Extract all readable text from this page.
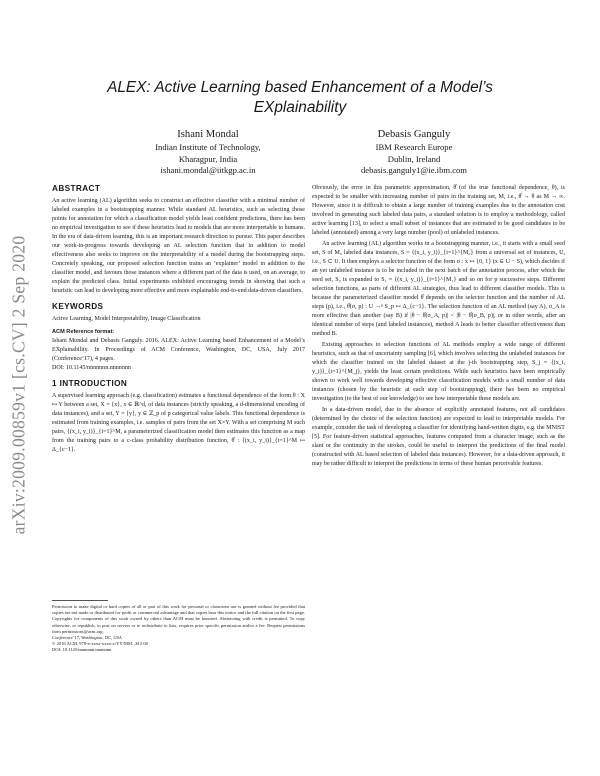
arXiv:2009.00859v1 [cs.CV] 2 Sep 2020
ALEX: Active Learning based Enhancement of a Model’s
EXplainability
Ishani Mondal
Indian Institute of Technology,
Kharagpur, India
ishani.mondal@iitkgp.ac.in
Debasis Ganguly
IBM Research Europe
Dublin, Ireland
debasis.ganguly1@ie.ibm.com
ABSTRACT

An active learning (AL) algorithm seeks to construct an effective classifier with a minimal number of labeled examples in a bootstrapping manner. While standard AL heuristics, such as selecting those points for annotation for which a classification model yields least confident predictions, there has been no empirical investigation to see if these heuristics lead to models that are more interpretable to humans. In the era of data-driven learning, this is an important research direction to pursue. This paper describes our work-in-progress towards developing an AL selection function that in addition to model effectiveness also seeks to improve on the interpretability of a model during the bootstrapping steps. Concretely speaking, our proposed selection function trains an ‘explainer’ model in addition to the classifier model, and favours those instances where a different part of the data is used, on an average, to explain the predicted class. Initial experiments exhibited encouraging trends in showing that such a heuristic can lead to developing more effective and more explainable end-to-end data-driven classifiers.

KEYWORDS

Active Learning, Model Interpretability, Image Classification

ACM Reference format:

Ishani Mondal and Debasis Ganguly. 2016. ALEX: Active Learning based Enhancement of a Model’s EXplainability. In Proceedings of ACM Conference, Washington, DC, USA, July 2017 (Conference’17), 4 pages.

DOI: 10.1145/nnnnnnn.nnnnnnn

1 INTRODUCTION

A supervised learning approach (e.g. classification) estimates a functional dependence of the form θ : X ↦ Y between a set, X = {x}, x ∈ ℝ^d, of data instances (strictly speaking, a d-dimensional encoding of data instances), and a set, Y = {y}, y ∈ ℤ_p of p categorical value labels. This functional dependence is estimated from training examples, i.e. samples of pairs from the set X×Y. With a set comprising M such pairs, {(x_i, y_i)}_{i=1}^M, a parameterized classification model then estimates this function as a map from the training pairs to a c-class probability distribution function, θ̂ : {(x_i, y_i)}_{i=1}^M ↦ Δ_{c−1}.

Permission to make digital or hard copies of all or part of this work for personal or classroom use is granted without fee provided that copies are not made or distributed for profit or commercial advantage and that copies bear this notice and the full citation on the first page. Copyrights for components of this work owned by others than ACM must be honored. Abstracting with credit is permitted. To copy otherwise, or republish, to post on servers or to redistribute to lists, requires prior specific permission and/or a fee. Request permissions from permissions@acm.org.

Conference’17, Washington, DC, USA

© 2016 ACM. 978-x-xxxx-xxxx-x/YY/MM...$15.00

DOI: 10.1145/nnnnnnn.nnnnnnn

Obviously, the error in this parametric approximation, θ̂ (of the true functional dependence, θ), is expected to be smaller with increasing number of pairs in the training set, M, i.e., θ̂ → θ as M → ∞. However, since it is difficult to obtain a large number of training examples due to the annotation cost involved in generating such labeled data pairs, a standard solution is to employ a methodology, called active learning [13], to select a small subset of instances that are estimated to be good candidates to be labeled (annotated) among a very large number (pool) of unlabeled instances.

An active learning (AL) algorithm works in a bootstrapping manner, i.e., it starts with a small seed set, S of M₀ labeled data instances, S = {(x_i, y_i)}_{i=1}^{M₀} from a universal set of instances, U, i.e., S ⊂ U. It then employs a selector function of the form σ : x ↦ {0, 1} (x ∈ U − S), which decides if an yet unlabeled instance is to be included in the next batch of the annotation process, after which the seed set, S₀ is expanded to S₁ = {(x_i, y_i)}_{i=1}^{M₁} and so on for p successive steps. Different selection functions, as parts of different AL strategies, thus lead to different classifier models. This is because the parameterized classifier model θ̂ depends on the selector function and the number of AL steps (p), i.e., θ̂(σ, p) : U →ᵖ S_p ↦ Δ_{c−1}. The selection function of an AL method (say A), σ_A is more effective than another (say B) if |θ − θ̂(σ_A, p)| < |θ − θ̂(σ_B, p)|, or in other words, after an identical number of steps (and labeled instances), method A leads to better classifier effectiveness than method B.

Existing approaches to selection functions of AL methods employ a wide range of different heuristics, such as that of uncertainty sampling [6], which involves selecting the unlabeled instances for which the classifier trained on the labeled dataset at the j-th bootstrapping step, S_j = {(x_i, y_i)}_{i=1}^{M_j}, yields the least certain predictions. While such heuristics have been empirically shown to work well towards developing effective classification models with a small number of data instances (chosen by the heuristic at each step of bootstrapping), there has been no empirical investigation (to the best of our knowledge) to see how interpretable these models are.

In a data-driven model, due to the absence of explicitly annotated features, not all candidates (determined by the choice of the selection function) are expected to lead to interpretable models. For example, consider the task of developing a classifier for identifying hand-written digits, e.g. the MNIST [5]. For feature-driven statistical approaches, features computed from a character image, such as the slant or the continuity in the strokes, could be useful to interpret the predictions of the final model (constructed with AL based selection of labeled data instances). However, for a data-driven approach, it may be rather difficult to interpret the predictions in terms of these human perceivable features.
